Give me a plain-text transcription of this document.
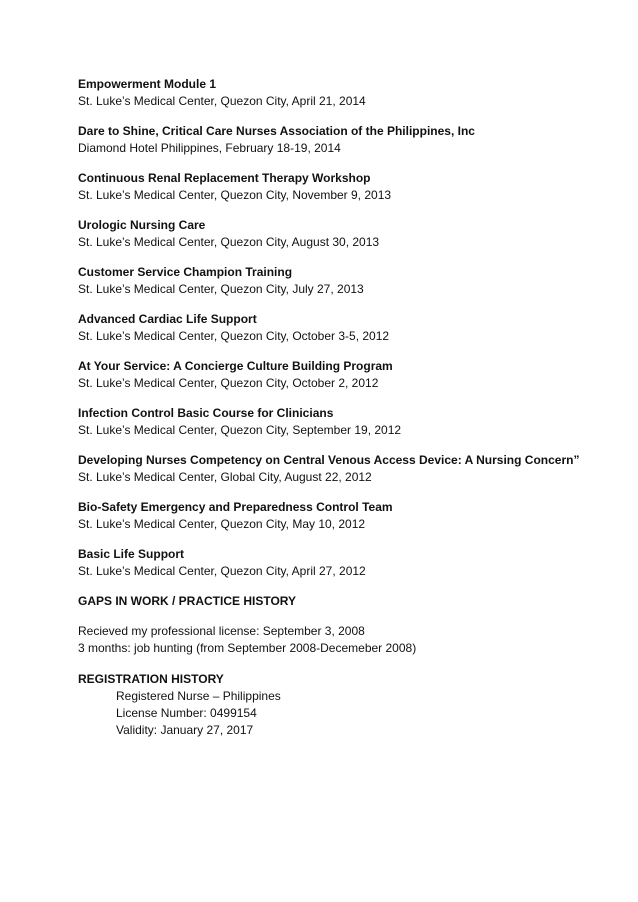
Empowerment Module 1
St. Luke’s Medical Center, Quezon City, April 21, 2014
Dare to Shine, Critical Care Nurses Association of the Philippines, Inc
Diamond Hotel Philippines, February 18-19, 2014
Continuous Renal Replacement Therapy Workshop
St. Luke’s Medical Center, Quezon City, November 9, 2013
Urologic Nursing Care
St. Luke’s Medical Center, Quezon City, August 30, 2013
Customer Service Champion Training
St. Luke’s Medical Center, Quezon City, July 27, 2013
Advanced Cardiac Life Support
St. Luke’s Medical Center, Quezon City, October 3-5, 2012
At Your Service: A Concierge Culture Building Program
St. Luke’s Medical Center, Quezon City, October 2, 2012
Infection Control Basic Course for Clinicians
St. Luke’s Medical Center, Quezon City, September 19, 2012
Developing Nurses Competency on Central Venous Access Device: A Nursing Concern”
St. Luke’s Medical Center, Global City, August 22, 2012
Bio-Safety Emergency and Preparedness Control Team
St. Luke’s Medical Center, Quezon City, May 10, 2012
Basic Life Support
St. Luke’s Medical Center, Quezon City, April 27, 2012
GAPS IN WORK / PRACTICE HISTORY
Recieved my professional license: September 3, 2008
3 months: job hunting (from September 2008-Decemeber 2008)
REGISTRATION HISTORY
Registered Nurse – Philippines
License Number: 0499154
Validity: January 27, 2017
